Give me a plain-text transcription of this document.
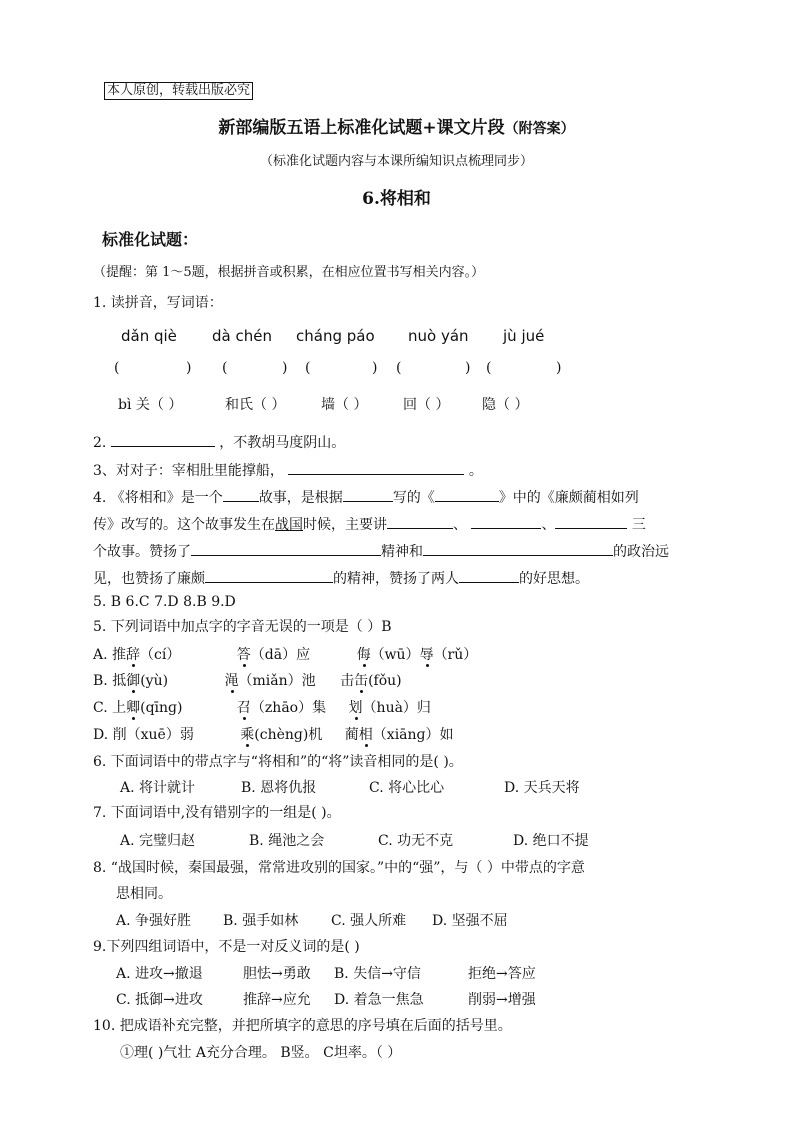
本人原创，转载出版必究
新部编版五语上标准化试题+课文片段（附答案）
（标准化试题内容与本课所编知识点梳理同步）
6.将相和
标准化试题：
（提醒：第 1～5题，根据拼音或积累，在相应位置书写相关内容。）
1. 读拼音，写词语：
dǎn qiè dà chén cháng páo nuò yán jù jué
(	) (	) (	) (	) (	)
bì 关（ ）	和氏（ ）	墙（ ）	回（ ） 隐（ ）
2.	，不教胡马度阴山。
3、对对子：宰相肚里能撑船，	。
4. 《将相和》是一个	故事，是根据	写的《	》中的《廉颇蔺相如列
传》改写的。这个故事发生在战国时候，主要讲	、	、	三
个故事。赞扬了	精神和	的政治远
见，也赞扬了廉颇	的精神，赞扬了两人	的好思想。
5. B 6.C 7.D 8.B 9.D
5. 下列词语中加点字的字音无误的一项是（ ）B
A. 推辞（cí）	答（dā）应	侮（wū）辱（rǔ）
B. 抵御(yù)	渑（miǎn）池 击缶(fǒu)
C. 上卿(qīnɡ)	召（zhāo）集 划（huà）归
D. 削（xuē）弱	乘(chènɡ)机 蔺相（xiānɡ）如
6. 下面词语中的带点字与“将相和”的“将”读音相同的是( )。
A. 将计就计	B. 恩将仇报	C. 将心比心	D. 天兵天将
7. 下面词语中,没有错别字的一组是( )。
A. 完璧归赵	B. 绳池之会	C. 功无不克	D. 绝口不提
8. “战国时候，秦国最强，常常进攻别的国家。”中的“强”，与（ ）中带点的字意
思相同。
A. 争强好胜 B. 强手如林 C. 强人所难 D. 坚强不屈
9.下列四组词语中，不是一对反义词的是( )
A. 进攻→撤退	胆怯→勇敢 B. 失信→守信	拒绝→答应
C. 抵御→进攻	推辞→应允 D. 着急一焦急	削弱→增强
10. 把成语补充完整，并把所填字的意思的序号填在后面的括号里。
①理( )气壮 A充分合理。 B竖。 C坦率。（ ）
